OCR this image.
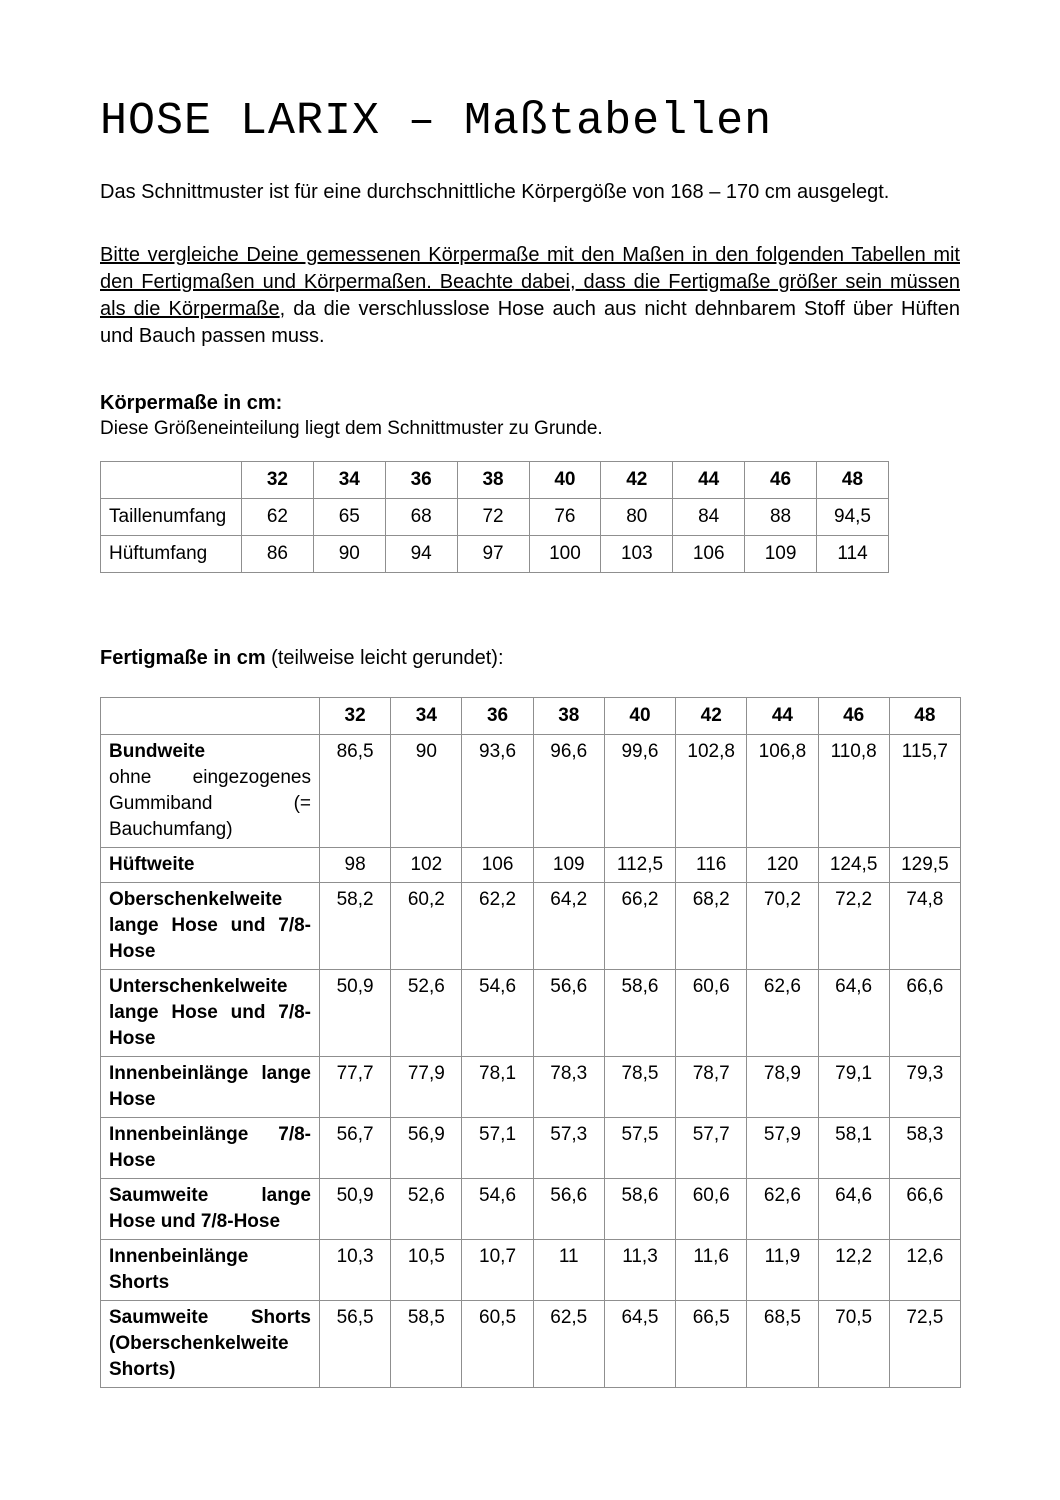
HOSE LARIX – Maßtabellen

Das Schnittmuster ist für eine durchschnittliche Körpergöße von 168 – 170 cm ausgelegt.

Bitte vergleiche Deine gemessenen Körpermaße mit den Maßen in den folgenden Tabellen mit den Fertigmaßen und Körpermaßen. Beachte dabei, dass die Fertigmaße größer sein müssen als die Körpermaße, da die verschlusslose Hose auch aus nicht dehnbarem Stoff über Hüften und Bauch passen muss.

Körpermaße in cm:
Diese Größeneinteilung liegt dem Schnittmuster zu Grunde.
	32	34	36	38	40	42	44	46	48
Taillenumfang	62	65	68	72	76	80	84	88	94,5
Hüftumfang	86	90	94	97	100	103	106	109	114

Fertigmaße in cm (teilweise leicht gerundet):

	32	34	36	38	40	42	44	46	48
Bundweite
ohne eingezogenes Gummiband (= Bauchumfang)	86,5	90	93,6	96,6	99,6	102,8	106,8	110,8	115,7
Hüftweite	98	102	106	109	112,5	116	120	124,5	129,5
Oberschenkelweite lange Hose und 7/8-Hose	58,2	60,2	62,2	64,2	66,2	68,2	70,2	72,2	74,8
Unterschenkelweite lange Hose und 7/8-Hose	50,9	52,6	54,6	56,6	58,6	60,6	62,6	64,6	66,6
Innenbeinlänge lange Hose	77,7	77,9	78,1	78,3	78,5	78,7	78,9	79,1	79,3
Innenbeinlänge 7/8-Hose	56,7	56,9	57,1	57,3	57,5	57,7	57,9	58,1	58,3
Saumweite lange Hose und 7/8-Hose	50,9	52,6	54,6	56,6	58,6	60,6	62,6	64,6	66,6
Innenbeinlänge Shorts	10,3	10,5	10,7	11	11,3	11,6	11,9	12,2	12,6
Saumweite Shorts (Oberschenkelweite Shorts)	56,5	58,5	60,5	62,5	64,5	66,5	68,5	70,5	72,5
